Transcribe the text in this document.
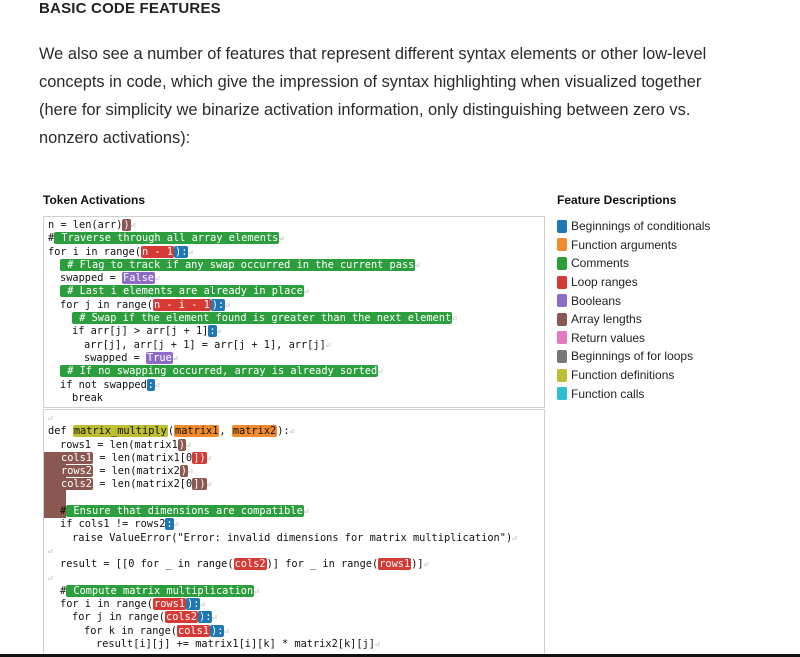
BASIC CODE FEATURES

We also see a number of features that represent different syntax elements or other low-level concepts in code, which give the impression of syntax highlighting when visualized together (here for simplicity we binarize activation information, only distinguishing between zero vs. nonzero activations):

Token Activations	Feature Descriptions
n = len(arr))⏎
# Traverse through all array elements⏎
for i in range(n - 1 ):⏎
# Flag to track if any swap occurred in the current pass⏎
swapped = False⏎
# Last i elements are already in place⏎
for j in range(n - i - 1 ):⏎
# Swap if the element found is greater than the next element⏎
if arr[j] > arr[j + 1]:⏎
arr[j], arr[j + 1] = arr[j + 1], arr[j]⏎
swapped = True⏎
# If no swapping occurred, array is already sorted⏎
if not swapped:⏎
break
⏎
def matrix_multiply(matrix1, matrix2):⏎
rows1 = len(matrix1)⏎
cols1 = len(matrix1[0])⏎
rows2 = len(matrix2)⏎
cols2 = len(matrix2[0])⏎
# Ensure that dimensions are compatible⏎
if cols1 != rows2:⏎
raise ValueError("Error: invalid dimensions for matrix multiplication")⏎
⏎
result = [[0 for _ in range(cols2)] for _ in range(rows1)]⏎
⏎
# Compute matrix multiplication⏎
for i in range(rows1 ):⏎
for j in range(cols2 ):⏎
for k in range(cols1 ):⏎
result[i][j] += matrix1[i][k] * matrix2[k][j]⏎
Beginnings of conditionals
Function arguments
Comments
Loop ranges
Booleans
Array lengths
Return values
Beginnings of for loops
Function definitions
Function calls
